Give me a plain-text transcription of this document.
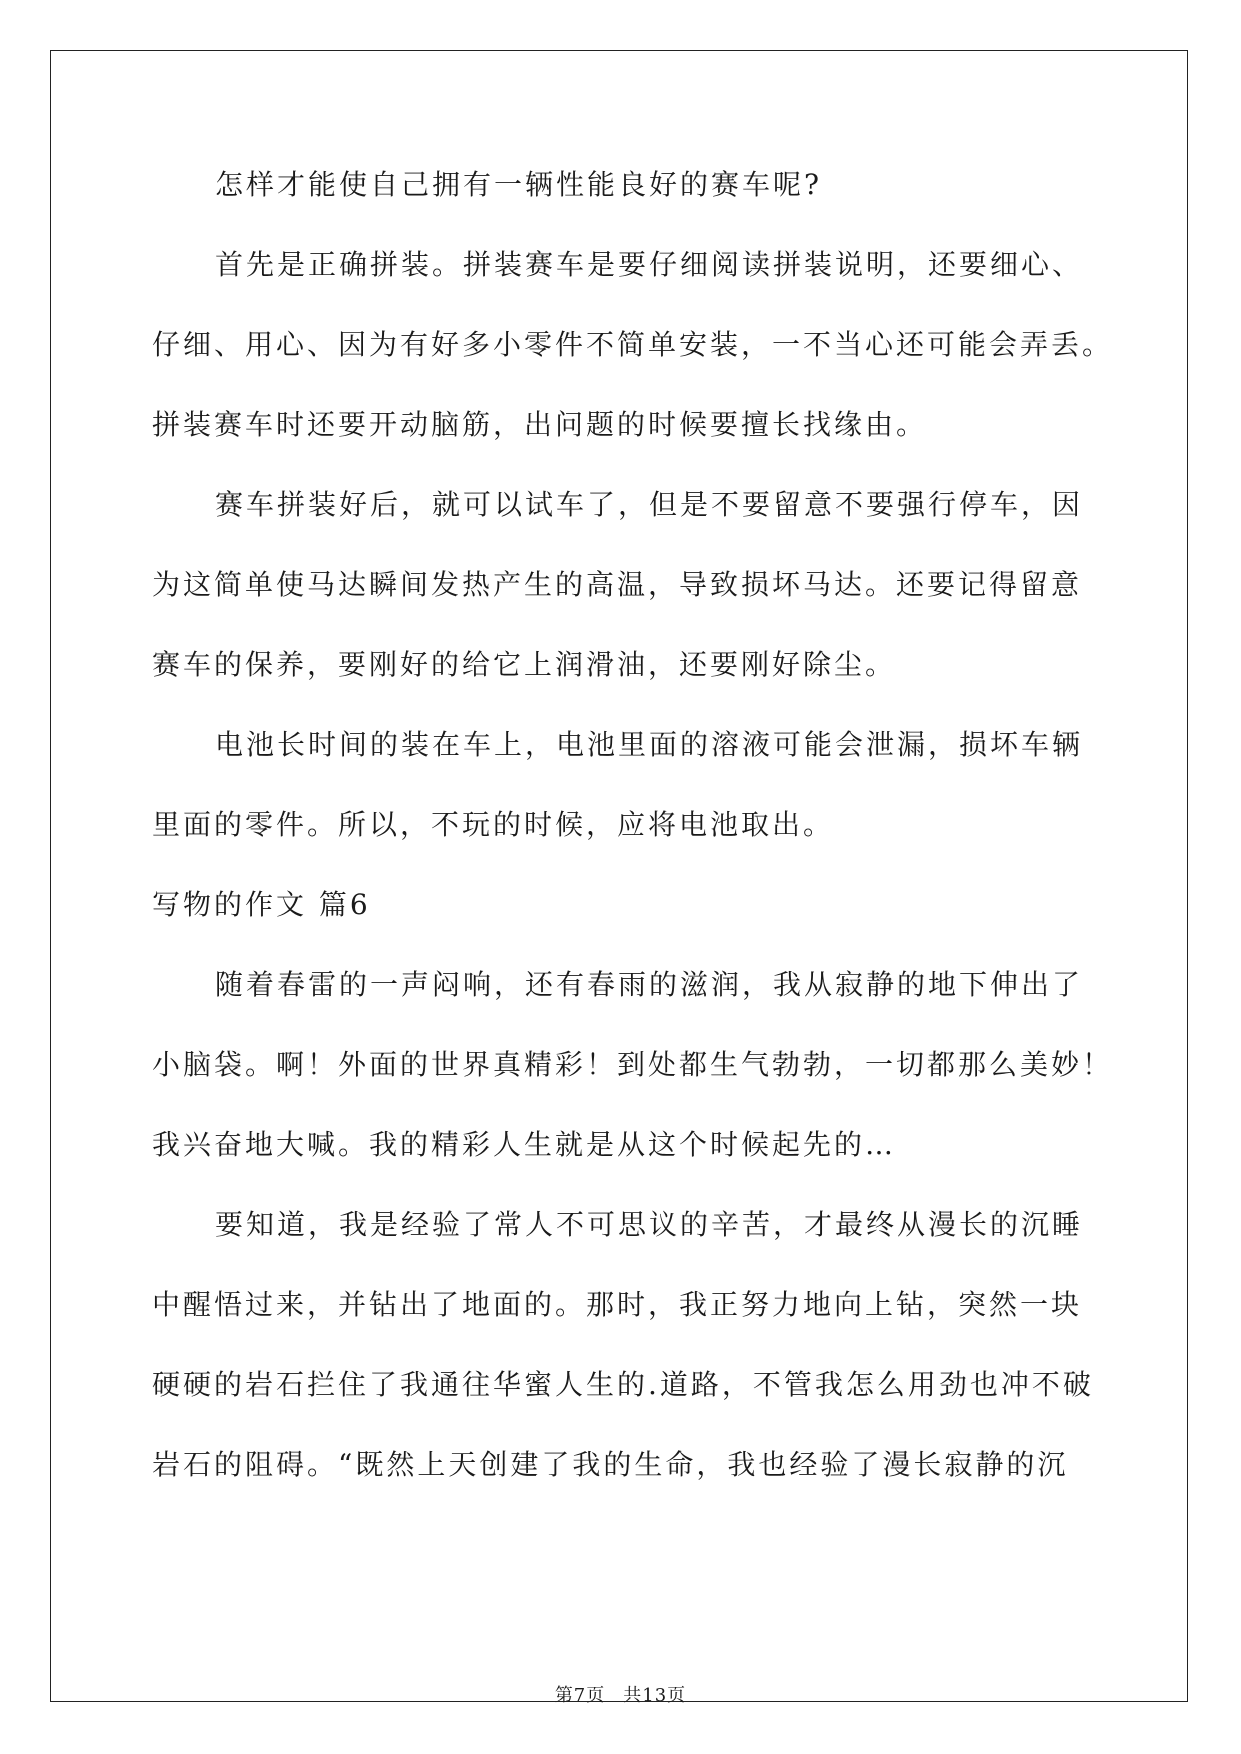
怎样才能使自己拥有一辆性能良好的赛车呢?
首先是正确拼装。拼装赛车是要仔细阅读拼装说明，还要细心、
仔细、用心、因为有好多小零件不简单安装，一不当心还可能会弄丢。
拼装赛车时还要开动脑筋，出问题的时候要擅长找缘由。
赛车拼装好后，就可以试车了，但是不要留意不要强行停车，因
为这简单使马达瞬间发热产生的高温，导致损坏马达。还要记得留意
赛车的保养，要刚好的给它上润滑油，还要刚好除尘。
电池长时间的装在车上，电池里面的溶液可能会泄漏，损坏车辆
里面的零件。所以，不玩的时候，应将电池取出。
写物的作文 篇6
随着春雷的一声闷响，还有春雨的滋润，我从寂静的地下伸出了
小脑袋。啊！外面的世界真精彩！到处都生气勃勃，一切都那么美妙！
我兴奋地大喊。我的精彩人生就是从这个时候起先的…
要知道，我是经验了常人不可思议的辛苦，才最终从漫长的沉睡
中醒悟过来，并钻出了地面的。那时，我正努力地向上钻，突然一块
硬硬的岩石拦住了我通往华蜜人生的.道路，不管我怎么用劲也冲不破
岩石的阻碍。“既然上天创建了我的生命，我也经验了漫长寂静的沉
第7页 共13页
